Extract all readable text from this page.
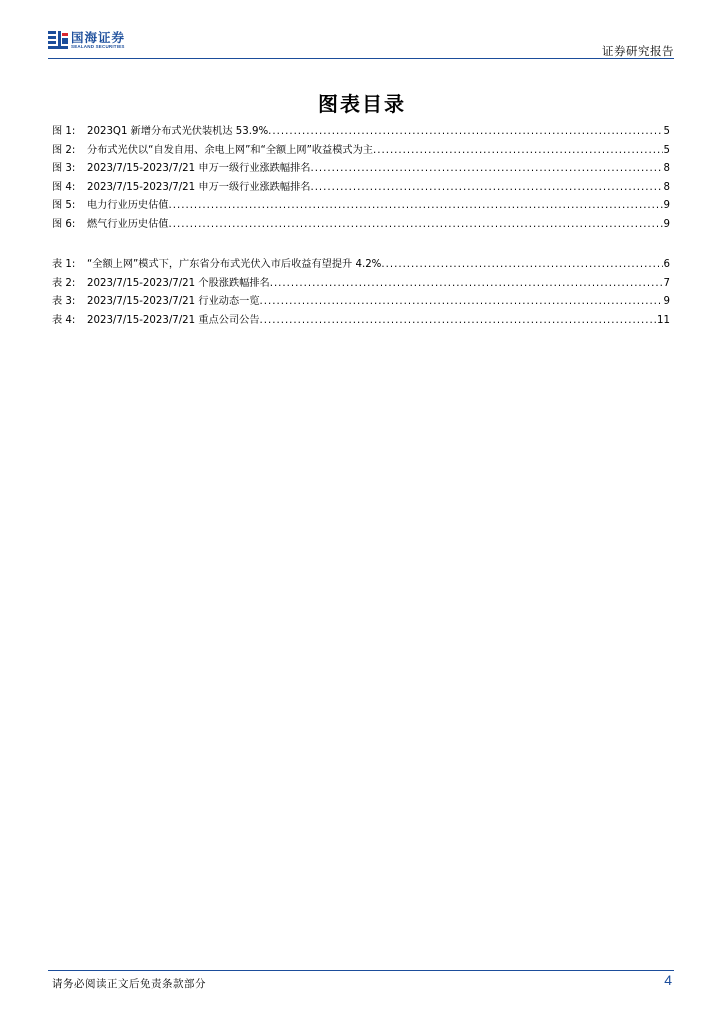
国海证券
SEALAND SECURITIES	证券研究报告
图表目录
图 1:	2023Q1 新增分布式光伏装机达 53.9% .....	5
图 2:	分布式光伏以“自发自用、余电上网”和“全额上网”收益模式为主 .....	5
图 3:	2023/7/15-2023/7/21 申万一级行业涨跌幅排名 .....	8
图 4:	2023/7/15-2023/7/21 申万一级行业涨跌幅排名 .....	8
图 5:	电力行业历史估值 .....	9
图 6:	燃气行业历史估值 .....	9
表 1:	“全额上网”模式下，广东省分布式光伏入市后收益有望提升 4.2% .....	6
表 2:	2023/7/15-2023/7/21 个股涨跌幅排名 .....	7
表 3:	2023/7/15-2023/7/21 行业动态一览 .....	9
表 4:	2023/7/15-2023/7/21 重点公司公告 .....	11
请务必阅读正文后免责条款部分	4
